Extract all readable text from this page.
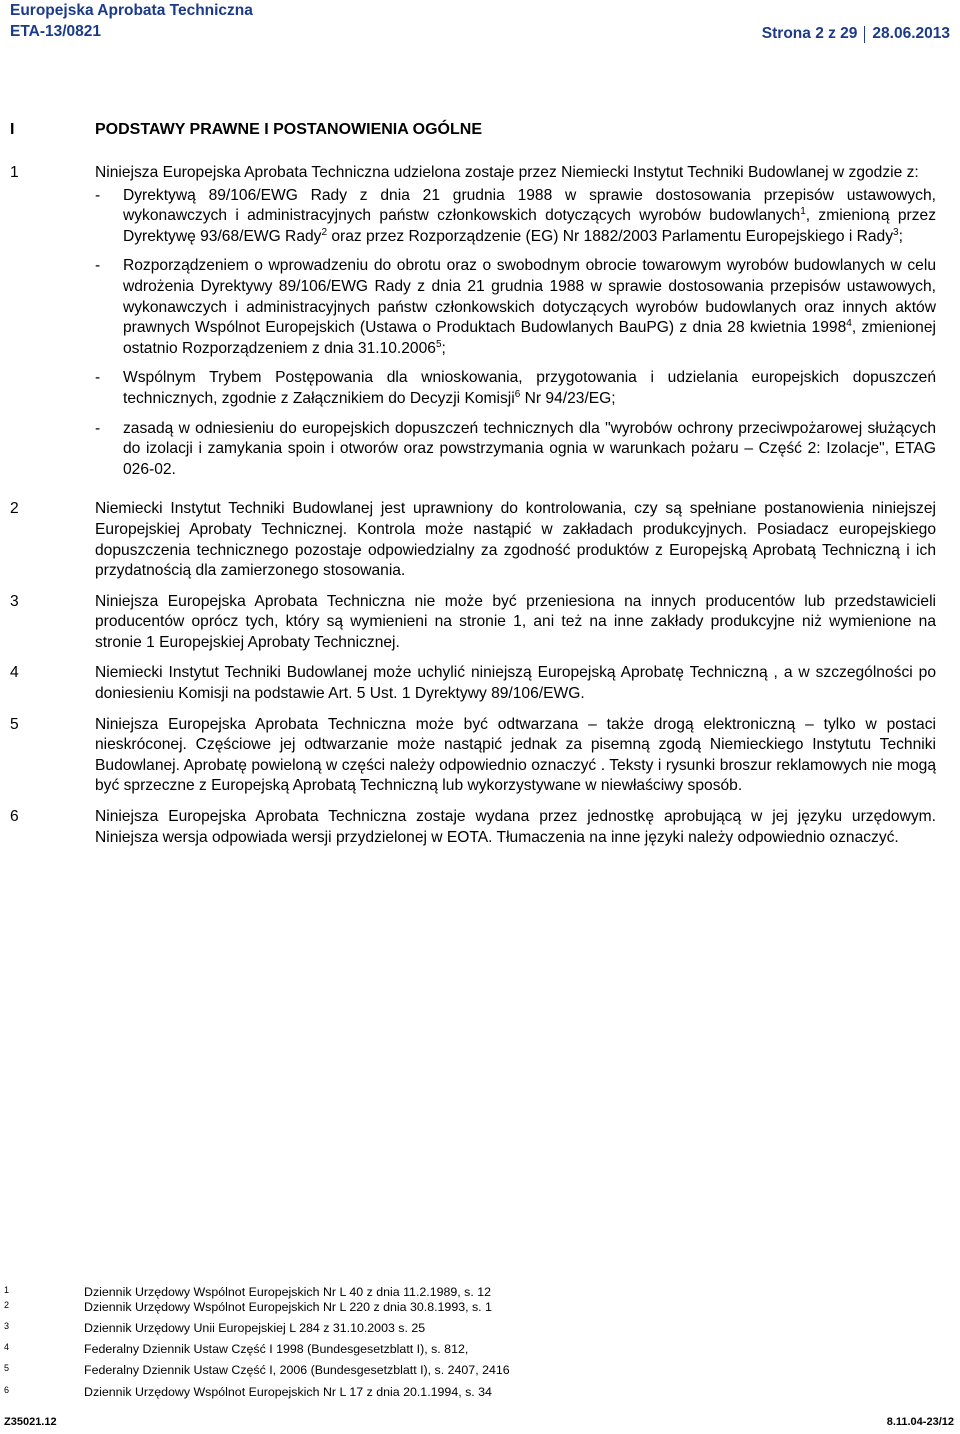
Europejska Aprobata Techniczna
ETA-13/0821	Strona 2 z 29 28.06.2013
I	PODSTAWY PRAWNE I POSTANOWIENIA OGÓLNE
1	Niniejsza Europejska Aprobata Techniczna udzielona zostaje przez Niemiecki Instytut Techniki Budowlanej w zgodzie z:
-	Dyrektywą 89/106/EWG Rady z dnia 21 grudnia 1988 w sprawie dostosowania przepisów ustawowych, wykonawczych i administracyjnych państw członkowskich dotyczących wyrobów budowlanych$^1$, zmienioną przez Dyrektywę 93/68/EWG Rady$^2$ oraz przez Rozporządzenie (EG) Nr 1882/2003 Parlamentu Europejskiego i Rady$^3$;
-	Rozporządzeniem o wprowadzeniu do obrotu oraz o swobodnym obrocie towarowym wyrobów budowlanych w celu wdrożenia Dyrektywy 89/106/EWG Rady z dnia 21 grudnia 1988 w sprawie dostosowania przepisów ustawowych, wykonawczych i administracyjnych państw członkowskich dotyczących wyrobów budowlanych oraz innych aktów prawnych Wspólnot Europejskich (Ustawa o Produktach Budowlanych BauPG) z dnia 28 kwietnia 1998$^4$, zmienionej ostatnio Rozporządzeniem z dnia 31.10.2006$^5$;
-	Wspólnym Trybem Postępowania dla wnioskowania, przygotowania i udzielania europejskich dopuszczeń technicznych, zgodnie z Załącznikiem do Decyzji Komisji$^6$ Nr 94/23/EG;
-	zasadą w odniesieniu do europejskich dopuszczeń technicznych dla "wyrobów ochrony przeciwpożarowej służących do izolacji i zamykania spoin i otworów oraz powstrzymania ognia w warunkach pożaru – Część 2: Izolacje", ETAG 026-02.
2	Niemiecki Instytut Techniki Budowlanej jest uprawniony do kontrolowania, czy są spełniane postanowienia niniejszej Europejskiej Aprobaty Technicznej. Kontrola może nastąpić w zakładach produkcyjnych. Posiadacz europejskiego dopuszczenia technicznego pozostaje odpowiedzialny za zgodność produktów z Europejską Aprobatą Techniczną i ich przydatnością dla zamierzonego stosowania.
3	Niniejsza Europejska Aprobata Techniczna nie może być przeniesiona na innych producentów lub przedstawicieli producentów oprócz tych, który są wymienieni na stronie 1, ani też na inne zakłady produkcyjne niż wymienione na stronie 1 Europejskiej Aprobaty Technicznej.
4	Niemiecki Instytut Techniki Budowlanej może uchylić niniejszą Europejską Aprobatę Techniczną , a w szczególności po doniesieniu Komisji na podstawie Art. 5 Ust. 1 Dyrektywy 89/106/EWG.
5	Niniejsza Europejska Aprobata Techniczna może być odtwarzana – także drogą elektroniczną – tylko w postaci nieskróconej. Częściowe jej odtwarzanie może nastąpić jednak za pisemną zgodą Niemieckiego Instytutu Techniki Budowlanej. Aprobatę powieloną w części należy odpowiednio oznaczyć . Teksty i rysunki broszur reklamowych nie mogą być sprzeczne z Europejską Aprobatą Techniczną lub wykorzystywane w niewłaściwy sposób.
6	Niniejsza Europejska Aprobata Techniczna zostaje wydana przez jednostkę aprobującą w jej języku urzędowym. Niniejsza wersja odpowiada wersji przydzielonej w EOTA. Tłumaczenia na inne języki należy odpowiednio oznaczyć.
1	Dziennik Urzędowy Wspólnot Europejskich Nr L 40 z dnia 11.2.1989, s. 12
2	Dziennik Urzędowy Wspólnot Europejskich Nr L 220 z dnia 30.8.1993, s. 1
3	Dziennik Urzędowy Unii Europejskiej L 284 z 31.10.2003 s. 25
4	Federalny Dziennik Ustaw Część I 1998 (Bundesgesetzblatt I), s. 812,
5	Federalny Dziennik Ustaw Część I, 2006 (Bundesgesetzblatt I), s. 2407, 2416
6	Dziennik Urzędowy Wspólnot Europejskich Nr L 17 z dnia 20.1.1994, s. 34
Z35021.12	8.11.04-23/12
